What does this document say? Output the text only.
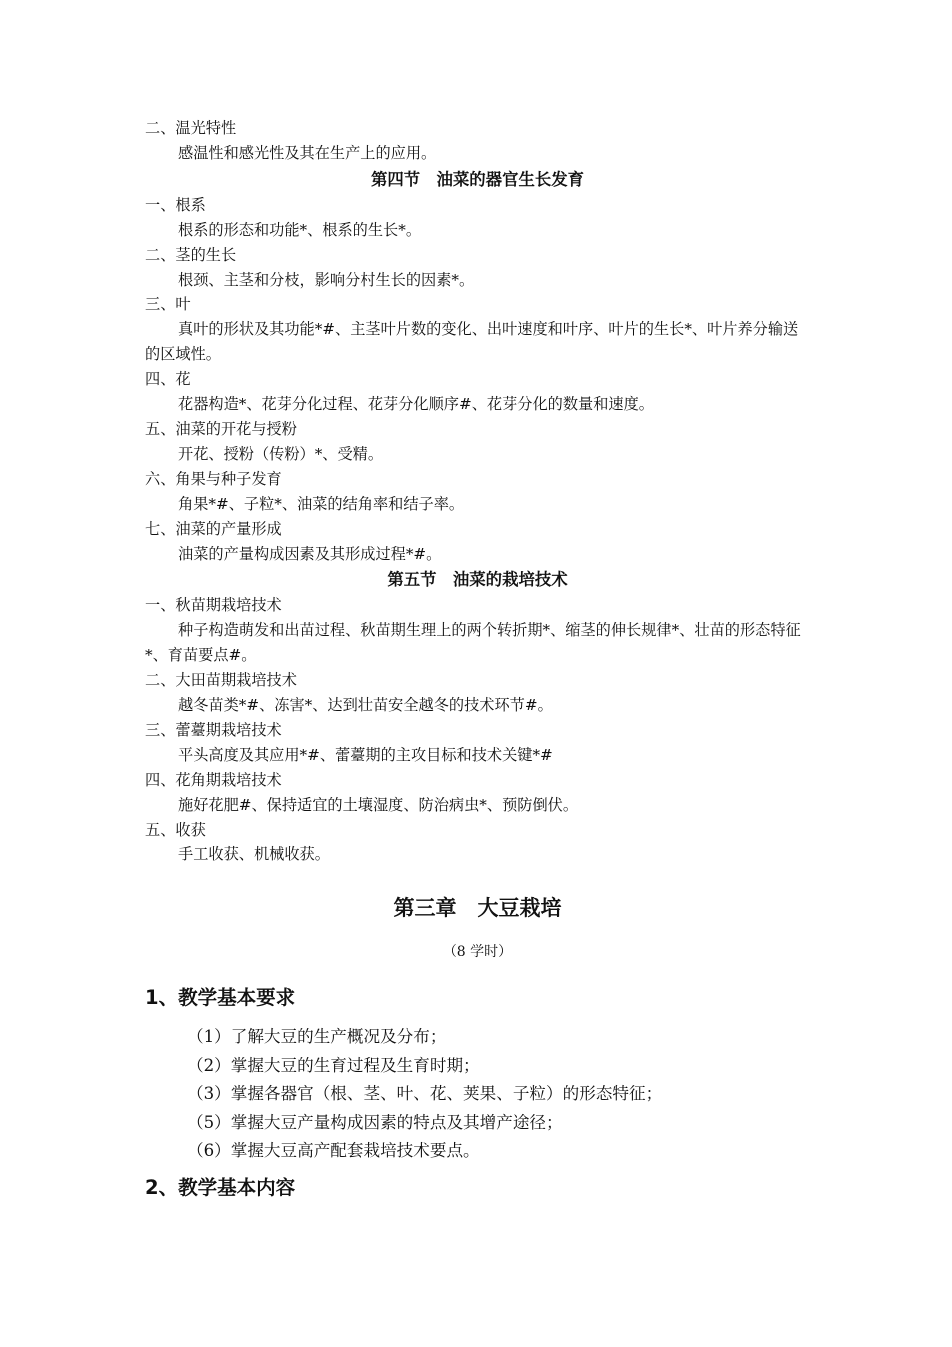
二、温光特性
感温性和感光性及其在生产上的应用。
第四节　油菜的器官生长发育
一、根系
根系的形态和功能*、根系的生长*。
二、茎的生长
根颈、主茎和分枝，影响分村生长的因素*。
三、叶
真叶的形状及其功能*#、主茎叶片数的变化、出叶速度和叶序、叶片的生长*、叶片养分输送的区域性。
四、花
花器构造*、花芽分化过程、花芽分化顺序#、花芽分化的数量和速度。
五、油菜的开花与授粉
开花、授粉（传粉）*、受精。
六、角果与种子发育
角果*#、子粒*、油菜的结角率和结子率。
七、油菜的产量形成
油菜的产量构成因素及其形成过程*#。
第五节　油菜的栽培技术
一、秋苗期栽培技术
种子构造萌发和出苗过程、秋苗期生理上的两个转折期*、缩茎的伸长规律*、壮苗的形态特征*、育苗要点#。
二、大田苗期栽培技术
越冬苗类*#、冻害*、达到壮苗安全越冬的技术环节#。
三、蕾薹期栽培技术
平头高度及其应用*#、蕾薹期的主攻目标和技术关键*#
四、花角期栽培技术
施好花肥#、保持适宜的土壤湿度、防治病虫*、预防倒伏。
五、收获
手工收获、机械收获。
第三章　大豆栽培
（8 学时）
1、教学基本要求
（1）了解大豆的生产概况及分布；
（2）掌握大豆的生育过程及生育时期；
（3）掌握各器官（根、茎、叶、花、荚果、子粒）的形态特征；
（5）掌握大豆产量构成因素的特点及其增产途径；
（6）掌握大豆高产配套栽培技术要点。
2、教学基本内容
